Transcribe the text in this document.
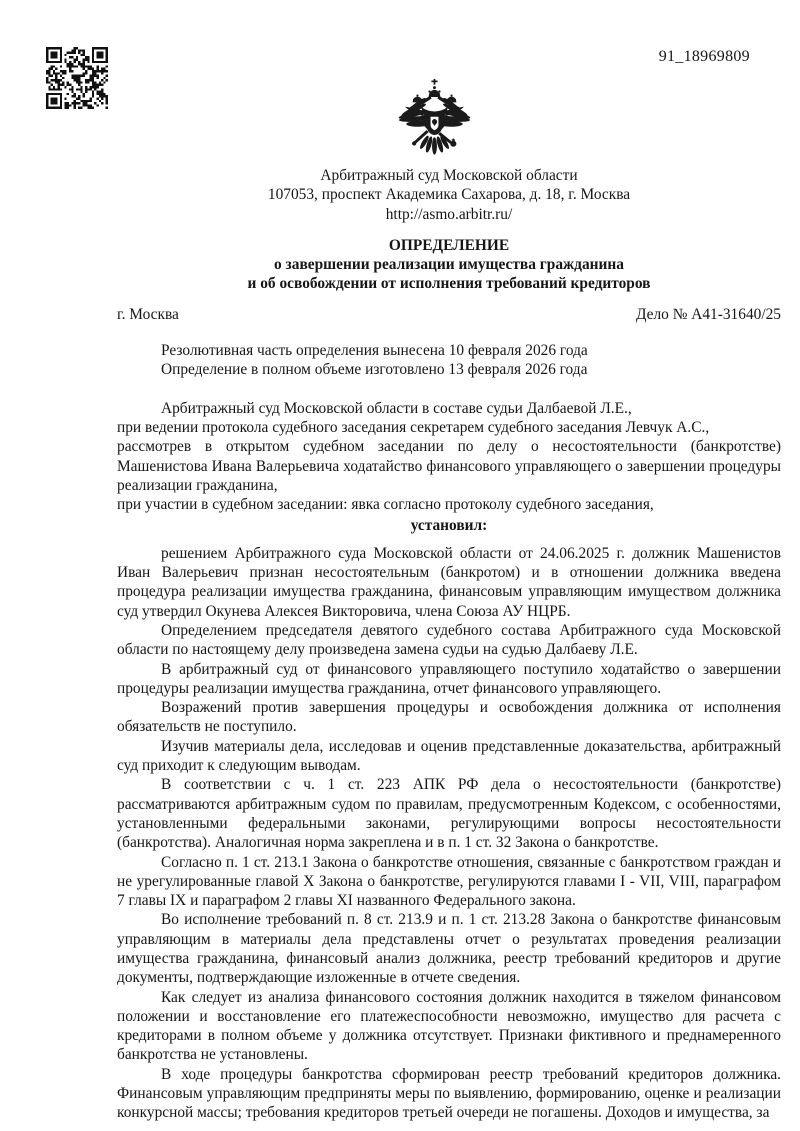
91_18969809

Арбитражный суд Московской области

107053, проспект Академика Сахарова, д. 18, г. Москва

http://asmo.arbitr.ru/

ОПРЕДЕЛЕНИЕ

о завершении реализации имущества гражданина

и об освобождении от исполнения требований кредиторов

г. Москва	Дело № А41-31640/25

Резолютивная часть определения вынесена 10 февраля 2026 года

Определение в полном объеме изготовлено 13 февраля 2026 года

Арбитражный суд Московской области в составе судьи Далбаевой Л.Е.,

при ведении протокола судебного заседания секретарем судебного заседания Левчук А.С.,

рассмотрев в открытом судебном заседании по делу о несостоятельности (банкротстве) Машенистова Ивана Валерьевича ходатайство финансового управляющего о завершении процедуры реализации гражданина,

при участии в судебном заседании: явка согласно протоколу судебного заседания,

установил:

решением Арбитражного суда Московской области от 24.06.2025 г. должник Машенистов Иван Валерьевич признан несостоятельным (банкротом) и в отношении должника введена процедура реализации имущества гражданина, финансовым управляющим имуществом должника суд утвердил Окунева Алексея Викторовича, члена Союза АУ НЦРБ.

Определением председателя девятого судебного состава Арбитражного суда Московской области по настоящему делу произведена замена судьи на судью Далбаеву Л.Е.

В арбитражный суд от финансового управляющего поступило ходатайство о завершении процедуры реализации имущества гражданина, отчет финансового управляющего.

Возражений против завершения процедуры и освобождения должника от исполнения обязательств не поступило.

Изучив материалы дела, исследовав и оценив представленные доказательства, арбитражный суд приходит к следующим выводам.

В соответствии с ч. 1 ст. 223 АПК РФ дела о несостоятельности (банкротстве) рассматриваются арбитражным судом по правилам, предусмотренным Кодексом, с особенностями, установленными федеральными законами, регулирующими вопросы несостоятельности (банкротства). Аналогичная норма закреплена и в п. 1 ст. 32 Закона о банкротстве.

Согласно п. 1 ст. 213.1 Закона о банкротстве отношения, связанные с банкротством граждан и не урегулированные главой X Закона о банкротстве, регулируются главами I - VII, VIII, параграфом 7 главы IX и параграфом 2 главы XI названного Федерального закона.

Во исполнение требований п. 8 ст. 213.9 и п. 1 ст. 213.28 Закона о банкротстве финансовым управляющим в материалы дела представлены отчет о результатах проведения реализации имущества гражданина, финансовый анализ должника, реестр требований кредиторов и другие документы, подтверждающие изложенные в отчете сведения.

Как следует из анализа финансового состояния должник находится в тяжелом финансовом положении и восстановление его платежеспособности невозможно, имущество для расчета с кредиторами в полном объеме у должника отсутствует. Признаки фиктивного и преднамеренного банкротства не установлены.

В ходе процедуры банкротства сформирован реестр требований кредиторов должника. Финансовым управляющим предприняты меры по выявлению, формированию, оценке и реализации конкурсной массы; требования кредиторов третьей очереди не погашены. Доходов и имущества, за
